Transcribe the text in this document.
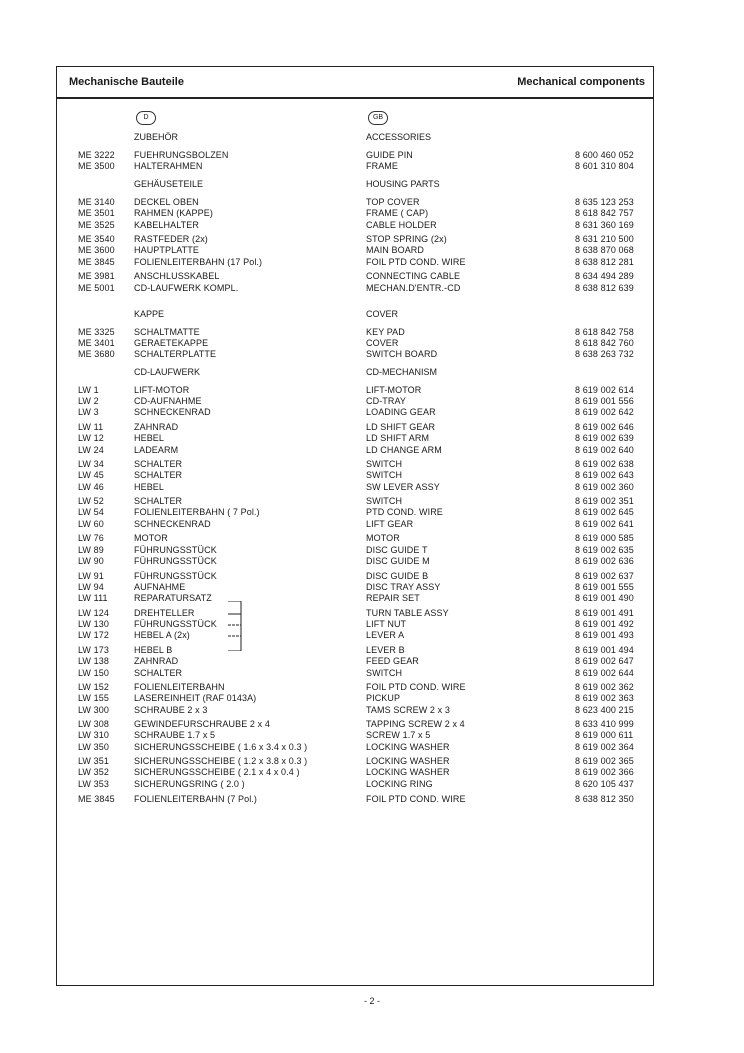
Mechanische Bauteile	Mechanical components
D	GB
ZUBEHÖR	ACCESSORIES
ME 3222 FUEHRUNGSBOLZEN	GUIDE PIN	8 600 460 052
ME 3500 HALTERAHMEN	FRAME	8 601 310 804
GEHÄUSETEILE	HOUSING PARTS
ME 3140 DECKEL OBEN	TOP COVER	8 635 123 253
ME 3501 RAHMEN (KAPPE)	FRAME ( CAP)	8 618 842 757
ME 3525 KABELHALTER	CABLE HOLDER	8 631 360 169
ME 3540 RASTFEDER (2x)	STOP SPRING (2x)	8 631 210 500
ME 3600 HAUPTPLATTE	MAIN BOARD	8 638 870 068
ME 3845 FOLIENLEITERBAHN (17 Pol.)	FOIL PTD COND. WIRE	8 638 812 281
ME 3981 ANSCHLUSSKABEL	CONNECTING CABLE	8 634 494 289
ME 5001 CD-LAUFWERK KOMPL.	MECHAN.D'ENTR.-CD	8 638 812 639
KAPPE	COVER
ME 3325 SCHALTMATTE	KEY PAD	8 618 842 758
ME 3401 GERAETEKAPPE	COVER	8 618 842 760
ME 3680 SCHALTERPLATTE	SWITCH BOARD	8 638 263 732
CD-LAUFWERK	CD-MECHANISM
LW 1	LIFT-MOTOR	LIFT-MOTOR	8 619 002 614
LW 2	CD-AUFNAHME	CD-TRAY	8 619 001 556
LW 3	SCHNECKENRAD	LOADING GEAR	8 619 002 642
LW 11	ZAHNRAD	LD SHIFT GEAR	8 619 002 646
LW 12	HEBEL	LD SHIFT ARM	8 619 002 639
LW 24	LADEARM	LD CHANGE ARM	8 619 002 640
LW 34	SCHALTER	SWITCH	8 619 002 638
LW 45	SCHALTER	SWITCH	8 619 002 643
LW 46	HEBEL	SW LEVER ASSY	8 619 002 360
LW 52	SCHALTER	SWITCH	8 619 002 351
LW 54	FOLIENLEITERBAHN ( 7 Pol.)	PTD COND. WIRE	8 619 002 645
LW 60	SCHNECKENRAD	LIFT GEAR	8 619 002 641
LW 76	MOTOR	MOTOR	8 619 000 585
LW 89	FÜHRUNGSSTÜCK	DISC GUIDE T	8 619 002 635
LW 90	FÜHRUNGSSTÜCK	DISC GUIDE M	8 619 002 636
LW 91	FÜHRUNGSSTÜCK	DISC GUIDE B	8 619 002 637
LW 94	AUFNAHME	DISC TRAY ASSY	8 619 001 555
LW 111	REPARATURSATZ	REPAIR SET	8 619 001 490
LW 124	DREHTELLER	TURN TABLE ASSY	8 619 001 491
LW 130	FÜHRUNGSSTÜCK	LIFT NUT	8 619 001 492
LW 172	HEBEL A (2x)	LEVER A	8 619 001 493
LW 173	HEBEL B	LEVER B	8 619 001 494
LW 138	ZAHNRAD	FEED GEAR	8 619 002 647
LW 150	SCHALTER	SWITCH	8 619 002 644
LW 152	FOLIENLEITERBAHN	FOIL PTD COND. WIRE	8 619 002 362
LW 155	LASEREINHEIT (RAF 0143A)	PICKUP	8 619 002 363
LW 300	SCHRAUBE 2 x 3	TAMS SCREW 2 x 3	8 623 400 215
LW 308	GEWINDEFURSCHRAUBE 2 x 4	TAPPING SCREW 2 x 4	8 633 410 999
LW 310	SCHRAUBE 1.7 x 5	SCREW 1.7 x 5	8 619 000 611
LW 350	SICHERUNGSSCHEIBE ( 1.6 x 3.4 x 0.3 )	LOCKING WASHER	8 619 002 364
LW 351	SICHERUNGSSCHEIBE ( 1.2 x 3.8 x 0.3 )	LOCKING WASHER	8 619 002 365
LW 352	SICHERUNGSSCHEIBE ( 2.1 x 4 x 0.4 )	LOCKING WASHER	8 619 002 366
LW 353	SICHERUNGSRING ( 2.0 )	LOCKING RING	8 620 105 437
ME 3845 FOLIENLEITERBAHN (7 Pol.)	FOIL PTD COND. WIRE	8 638 812 350
- 2 -
